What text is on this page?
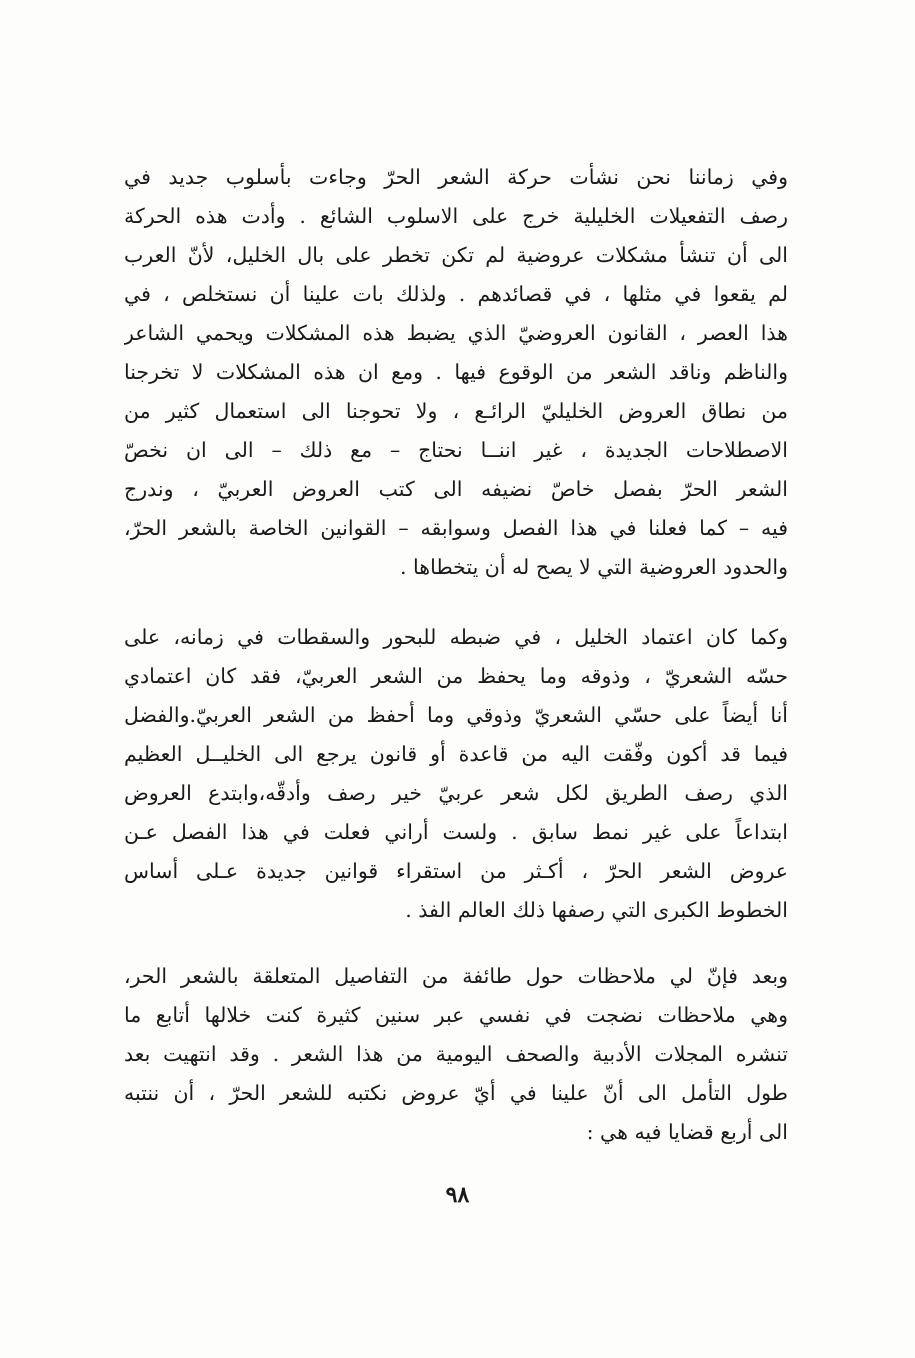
وفي زماننا نحن نشأت حركة الشعر الحرّ وجاءت بأسلوب جديد في
رصف التفعيلات الخليلية خرج على الاسلوب الشائع . وأدت هذه الحركة
الى أن تنشأ مشكلات عروضية لم تكن تخطر على بال الخليل، لأنّ العرب
لم يقعوا في مثلها ، في قصائدهم . ولذلك بات علينا أن نستخلص ، في
هذا العصر ، القانون العروضيّ الذي يضبط هذه المشكلات ويحمي الشاعر
والناظم وناقد الشعر من الوقوع فيها . ومع ان هذه المشكلات لا تخرجنا
من نطاق العروض الخليليّ الرائـع ، ولا تحوجنا الى استعمال كثير من
الاصطلاحات الجديدة ، غير اننــا نحتاج – مع ذلك – الى ان نخصّ
الشعر الحرّ بفصل خاصّ نضيفه الى كتب العروض العربيّ ، وندرج
فيه – كما فعلنا في هذا الفصل وسوابقه – القوانين الخاصة بالشعر الحرّ،
والحدود العروضية التي لا يصح له أن يتخطاها .
وكما كان اعتماد الخليل ، في ضبطه للبحور والسقطات في زمانه، على
حسّه الشعريّ ، وذوقه وما يحفظ من الشعر العربيّ، فقد كان اعتمادي
أنا أيضاً على حسّي الشعريّ وذوقي وما أحفظ من الشعر العربيّ.والفضل
فيما قد أكون وفّقت اليه من قاعدة أو قانون يرجع الى الخليــل العظيم
الذي رصف الطريق لكل شعر عربيّ خير رصف وأدقّه،وابتدع العروض
ابتداعاً على غير نمط سابق . ولست أراني فعلت في هذا الفصل عـن
عروض الشعر الحرّ ، أكـثر من استقراء قوانين جديدة عـلى أساس
الخطوط الكبرى التي رصفها ذلك العالم الفذ .
وبعد فإنّ لي ملاحظات حول طائفة من التفاصيل المتعلقة بالشعر الحر،
وهي ملاحظات نضجت في نفسي عبر سنين كثيرة كنت خلالها أتابع ما
تنشره المجلات الأدبية والصحف اليومية من هذا الشعر . وقد انتهيت بعد
طول التأمل الى أنّ علينا في أيّ عروض نكتبه للشعر الحرّ ، أن ننتبه
الى أربع قضايا فيه هي :
٩٨
